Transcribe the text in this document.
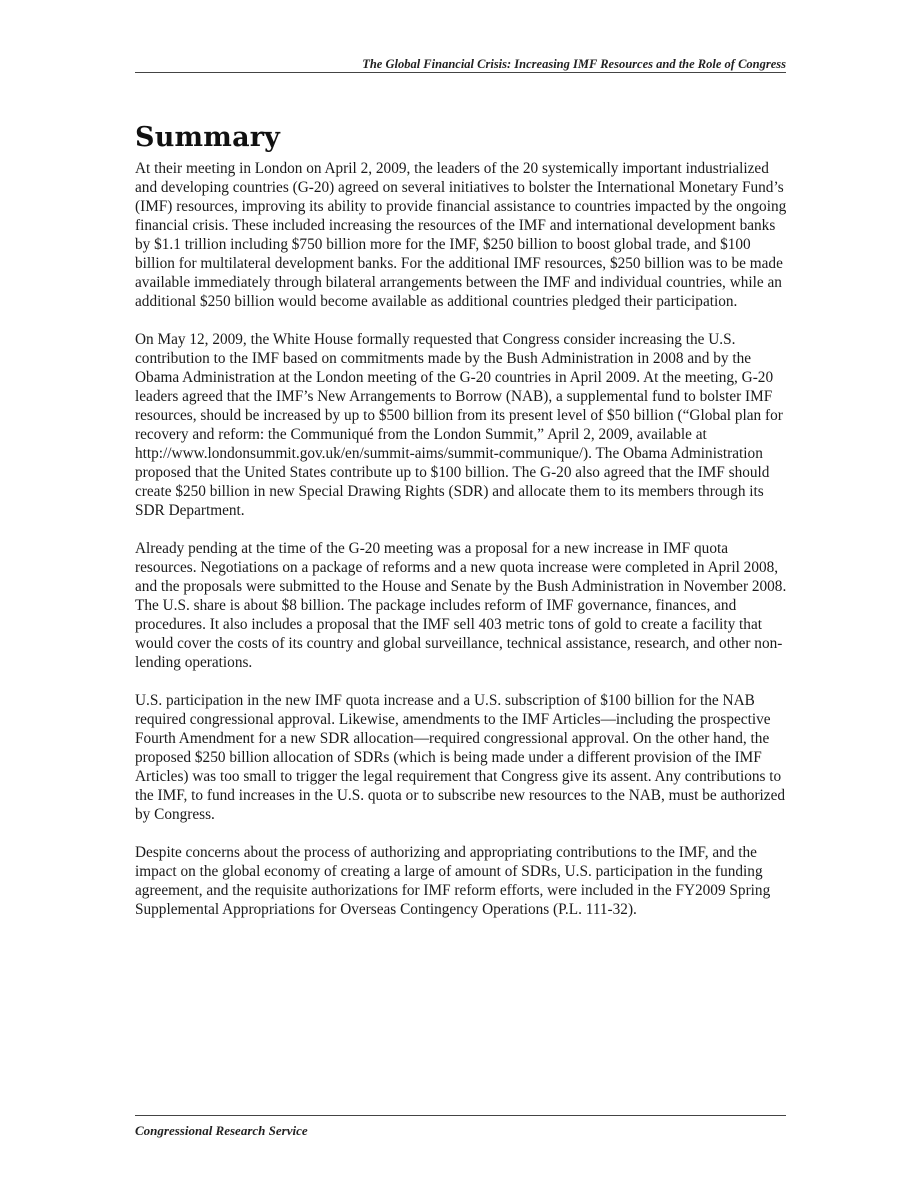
The Global Financial Crisis: Increasing IMF Resources and the Role of Congress
Summary

At their meeting in London on April 2, 2009, the leaders of the 20 systemically important industrialized and developing countries (G-20) agreed on several initiatives to bolster the International Monetary Fund’s (IMF) resources, improving its ability to provide financial assistance to countries impacted by the ongoing financial crisis. These included increasing the resources of the IMF and international development banks by $1.1 trillion including $750 billion more for the IMF, $250 billion to boost global trade, and $100 billion for multilateral development banks. For the additional IMF resources, $250 billion was to be made available immediately through bilateral arrangements between the IMF and individual countries, while an additional $250 billion would become available as additional countries pledged their participation.

On May 12, 2009, the White House formally requested that Congress consider increasing the U.S. contribution to the IMF based on commitments made by the Bush Administration in 2008 and by the Obama Administration at the London meeting of the G-20 countries in April 2009. At the meeting, G-20 leaders agreed that the IMF’s New Arrangements to Borrow (NAB), a supplemental fund to bolster IMF resources, should be increased by up to $500 billion from its present level of $50 billion (“Global plan for recovery and reform: the Communiqué from the London Summit,” April 2, 2009, available at http://www.londonsummit.gov.uk/en/summit-aims/summit-communique/). The Obama Administration proposed that the United States contribute up to $100 billion. The G-20 also agreed that the IMF should create $250 billion in new Special Drawing Rights (SDR) and allocate them to its members through its SDR Department.

Already pending at the time of the G-20 meeting was a proposal for a new increase in IMF quota resources. Negotiations on a package of reforms and a new quota increase were completed in April 2008, and the proposals were submitted to the House and Senate by the Bush Administration in November 2008. The U.S. share is about $8 billion. The package includes reform of IMF governance, finances, and procedures. It also includes a proposal that the IMF sell 403 metric tons of gold to create a facility that would cover the costs of its country and global surveillance, technical assistance, research, and other non-lending operations.

U.S. participation in the new IMF quota increase and a U.S. subscription of $100 billion for the NAB required congressional approval. Likewise, amendments to the IMF Articles—including the prospective Fourth Amendment for a new SDR allocation—required congressional approval. On the other hand, the proposed $250 billion allocation of SDRs (which is being made under a different provision of the IMF Articles) was too small to trigger the legal requirement that Congress give its assent. Any contributions to the IMF, to fund increases in the U.S. quota or to subscribe new resources to the NAB, must be authorized by Congress.

Despite concerns about the process of authorizing and appropriating contributions to the IMF, and the impact on the global economy of creating a large of amount of SDRs, U.S. participation in the funding agreement, and the requisite authorizations for IMF reform efforts, were included in the FY2009 Spring Supplemental Appropriations for Overseas Contingency Operations (P.L. 111-32).

Congressional Research Service
